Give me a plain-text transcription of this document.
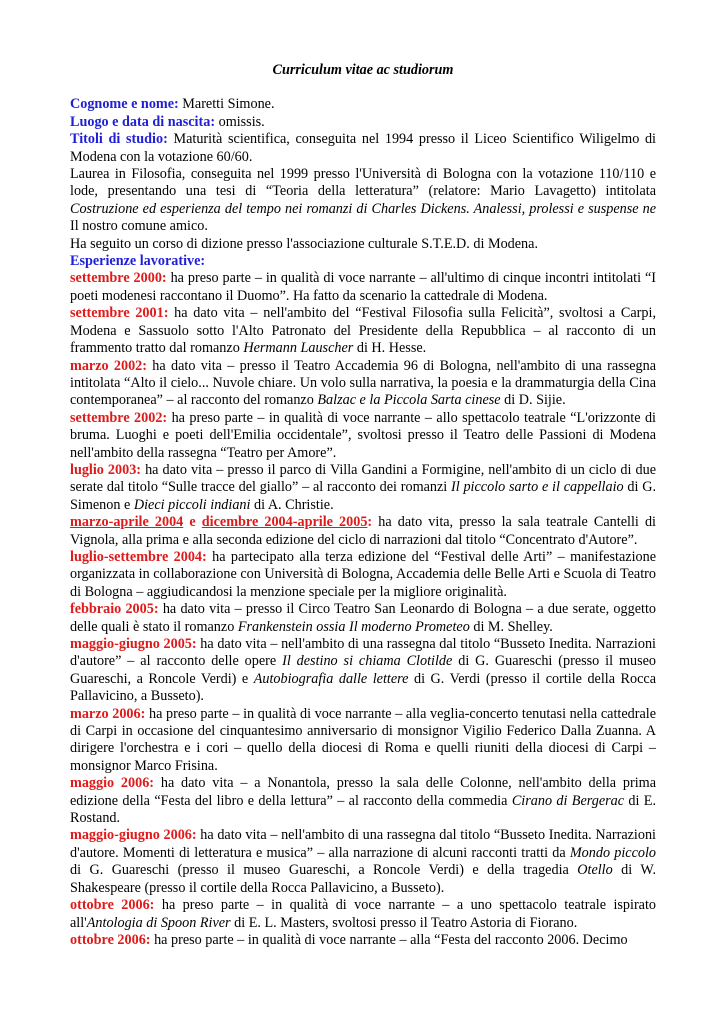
Curriculum vitae ac studiorum

Cognome e nome: Maretti Simone.

Luogo e data di nascita: omissis.

Titoli di studio: Maturità scientifica, conseguita nel 1994 presso il Liceo Scientifico Wiligelmo di Modena con la votazione 60/60.

Laurea in Filosofia, conseguita nel 1999 presso l'Università di Bologna con la votazione 110/110 e lode, presentando una tesi di “Teoria della letteratura” (relatore: Mario Lavagetto) intitolata Costruzione ed esperienza del tempo nei romanzi di Charles Dickens. Analessi, prolessi e suspense ne Il nostro comune amico.

Ha seguito un corso di dizione presso l'associazione culturale S.T.E.D. di Modena.

Esperienze lavorative:

settembre 2000: ha preso parte – in qualità di voce narrante – all'ultimo di cinque incontri intitolati “I poeti modenesi raccontano il Duomo”. Ha fatto da scenario la cattedrale di Modena.

settembre 2001: ha dato vita – nell'ambito del “Festival Filosofia sulla Felicità”, svoltosi a Carpi, Modena e Sassuolo sotto l'Alto Patronato del Presidente della Repubblica – al racconto di un frammento tratto dal romanzo Hermann Lauscher di H. Hesse.

marzo 2002: ha dato vita – presso il Teatro Accademia 96 di Bologna, nell'ambito di una rassegna intitolata “Alto il cielo... Nuvole chiare. Un volo sulla narrativa, la poesia e la drammaturgia della Cina contemporanea” – al racconto del romanzo Balzac e la Piccola Sarta cinese di D. Sijie.

settembre 2002: ha preso parte – in qualità di voce narrante – allo spettacolo teatrale “L'orizzonte di bruma. Luoghi e poeti dell'Emilia occidentale”, svoltosi presso il Teatro delle Passioni di Modena nell'ambito della rassegna “Teatro per Amore”.

luglio 2003: ha dato vita – presso il parco di Villa Gandini a Formigine, nell'ambito di un ciclo di due serate dal titolo “Sulle tracce del giallo” – al racconto dei romanzi Il piccolo sarto e il cappellaio di G. Simenon e Dieci piccoli indiani di A. Christie.

marzo-aprile 2004 e dicembre 2004-aprile 2005: ha dato vita, presso la sala teatrale Cantelli di Vignola, alla prima e alla seconda edizione del ciclo di narrazioni dal titolo “Concentrato d'Autore”.

luglio-settembre 2004: ha partecipato alla terza edizione del “Festival delle Arti” – manifestazione organizzata in collaborazione con Università di Bologna, Accademia delle Belle Arti e Scuola di Teatro di Bologna – aggiudicandosi la menzione speciale per la migliore originalità.

febbraio 2005: ha dato vita – presso il Circo Teatro San Leonardo di Bologna – a due serate, oggetto delle quali è stato il romanzo Frankenstein ossia Il moderno Prometeo di M. Shelley.

maggio-giugno 2005: ha dato vita – nell'ambito di una rassegna dal titolo “Busseto Inedita. Narrazioni d'autore” – al racconto delle opere Il destino si chiama Clotilde di G. Guareschi (presso il museo Guareschi, a Roncole Verdi) e Autobiografia dalle lettere di G. Verdi (presso il cortile della Rocca Pallavicino, a Busseto).

marzo 2006: ha preso parte – in qualità di voce narrante – alla veglia-concerto tenutasi nella cattedrale di Carpi in occasione del cinquantesimo anniversario di monsignor Vigilio Federico Dalla Zuanna. A dirigere l'orchestra e i cori – quello della diocesi di Roma e quelli riuniti della diocesi di Carpi – monsignor Marco Frisina.

maggio 2006: ha dato vita – a Nonantola, presso la sala delle Colonne, nell'ambito della prima edizione della “Festa del libro e della lettura” – al racconto della commedia Cirano di Bergerac di E. Rostand.

maggio-giugno 2006: ha dato vita – nell'ambito di una rassegna dal titolo “Busseto Inedita. Narrazioni d'autore. Momenti di letteratura e musica” – alla narrazione di alcuni racconti tratti da Mondo piccolo di G. Guareschi (presso il museo Guareschi, a Roncole Verdi) e della tragedia Otello di W. Shakespeare (presso il cortile della Rocca Pallavicino, a Busseto).

ottobre 2006: ha preso parte – in qualità di voce narrante – a uno spettacolo teatrale ispirato all'Antologia di Spoon River di E. L. Masters, svoltosi presso il Teatro Astoria di Fiorano.

ottobre 2006: ha preso parte – in qualità di voce narrante – alla “Festa del racconto 2006. Decimo
